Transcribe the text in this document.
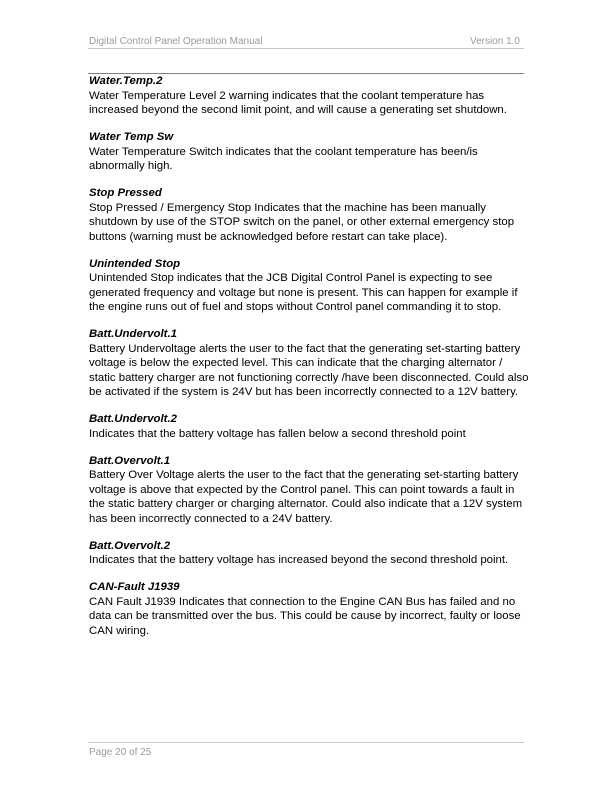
Digital Control Panel Operation Manual	Version 1.0
Water.Temp.2

Water Temperature Level 2 warning indicates that the coolant temperature has increased beyond the second limit point, and will cause a generating set shutdown.

Water Temp Sw

Water Temperature Switch indicates that the coolant temperature has been/is abnormally high.

Stop Pressed

Stop Pressed / Emergency Stop Indicates that the machine has been manually shutdown by use of the STOP switch on the panel, or other external emergency stop buttons (warning must be acknowledged before restart can take place).

Unintended Stop

Unintended Stop indicates that the JCB Digital Control Panel is expecting to see generated frequency and voltage but none is present. This can happen for example if the engine runs out of fuel and stops without Control panel commanding it to stop.

Batt.Undervolt.1

Battery Undervoltage alerts the user to the fact that the generating set-starting battery voltage is below the expected level. This can indicate that the charging alternator / static battery charger are not functioning correctly /have been disconnected. Could also be activated if the system is 24V but has been incorrectly connected to a 12V battery.

Batt.Undervolt.2

Indicates that the battery voltage has fallen below a second threshold point

Batt.Overvolt.1

Battery Over Voltage alerts the user to the fact that the generating set-starting battery voltage is above that expected by the Control panel. This can point towards a fault in the static battery charger or charging alternator. Could also indicate that a 12V system has been incorrectly connected to a 24V battery.

Batt.Overvolt.2

Indicates that the battery voltage has increased beyond the second threshold point.

CAN-Fault J1939

CAN Fault J1939 Indicates that connection to the Engine CAN Bus has failed and no data can be transmitted over the bus. This could be cause by incorrect, faulty or loose CAN wiring.

Page 20 of 25
